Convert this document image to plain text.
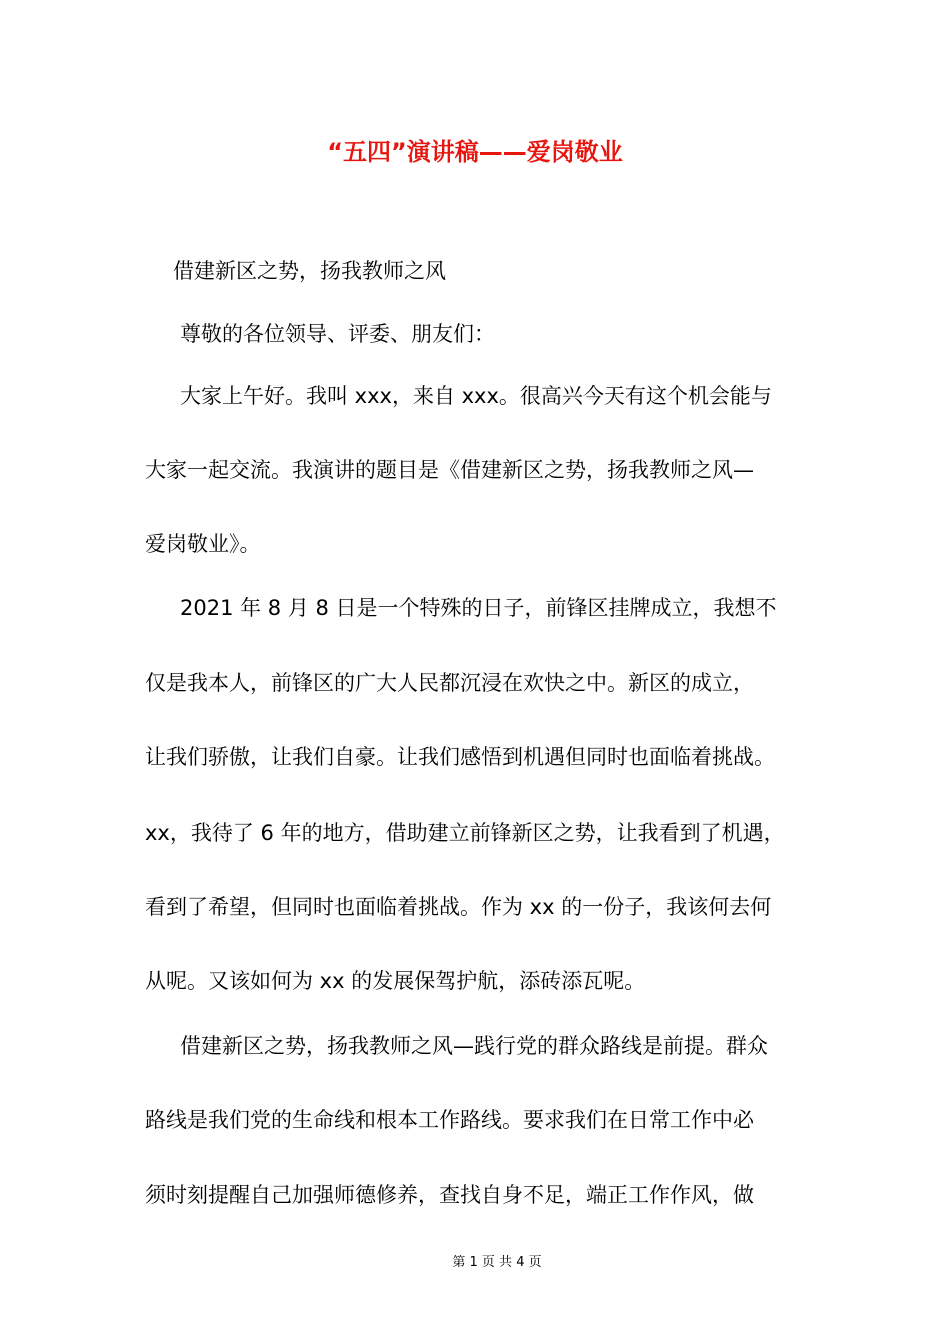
“五四”演讲稿——爱岗敬业
借建新区之势，扬我教师之风
尊敬的各位领导、评委、朋友们：
大家上午好。我叫 xxx，来自 xxx。很高兴今天有这个机会能与
大家一起交流。我演讲的题目是《借建新区之势，扬我教师之风—
爱岗敬业》。
2021 年 8 月 8 日是一个特殊的日子，前锋区挂牌成立，我想不
仅是我本人，前锋区的广大人民都沉浸在欢快之中。新区的成立，
让我们骄傲，让我们自豪。让我们感悟到机遇但同时也面临着挑战。
xx，我待了 6 年的地方，借助建立前锋新区之势，让我看到了机遇，
看到了希望，但同时也面临着挑战。作为 xx 的一份子，我该何去何
从呢。又该如何为 xx 的发展保驾护航，添砖添瓦呢。
借建新区之势，扬我教师之风—践行党的群众路线是前提。群众
路线是我们党的生命线和根本工作路线。要求我们在日常工作中必
须时刻提醒自己加强师德修养，查找自身不足，端正工作作风，做
第 1 页 共 4 页
